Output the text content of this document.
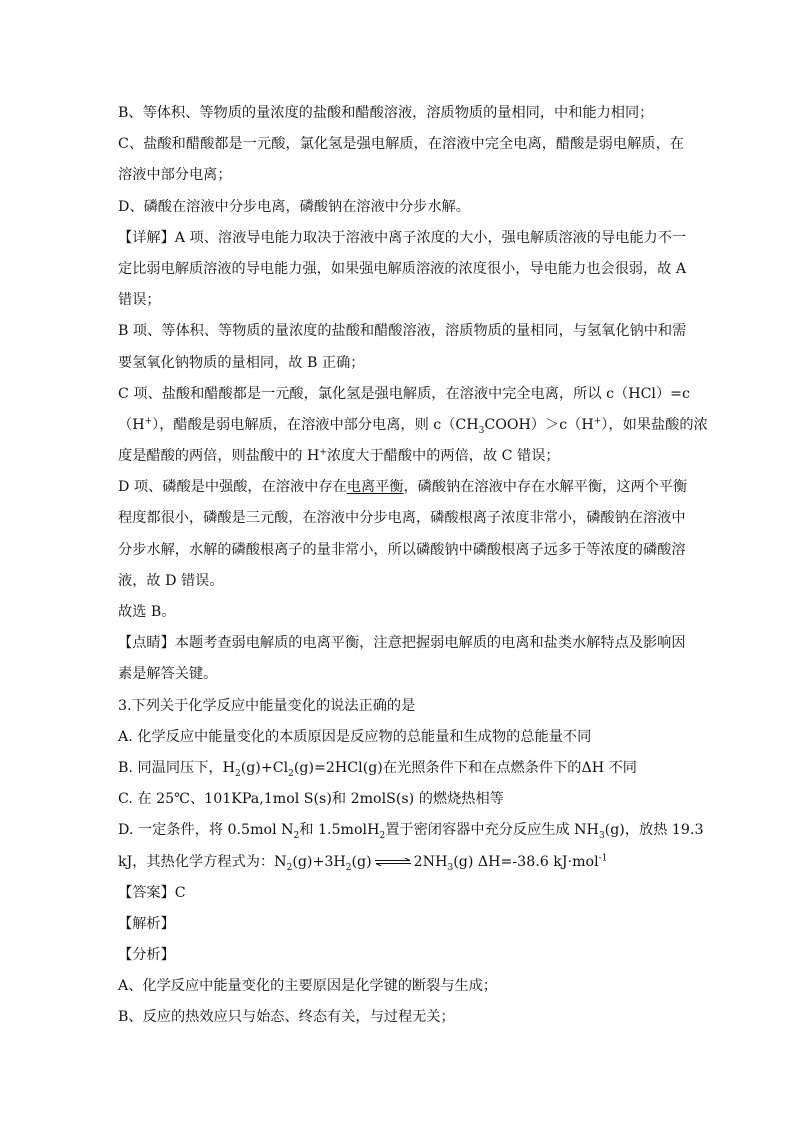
B、等体积、等物质的量浓度的盐酸和醋酸溶液，溶质物质的量相同，中和能力相同；
C、盐酸和醋酸都是一元酸，氯化氢是强电解质，在溶液中完全电离，醋酸是弱电解质，在
溶液中部分电离；
D、磷酸在溶液中分步电离，磷酸钠在溶液中分步水解。
【详解】A 项、溶液导电能力取决于溶液中离子浓度的大小，强电解质溶液的导电能力不一
定比弱电解质溶液的导电能力强，如果强电解质溶液的浓度很小，导电能力也会很弱，故 A
错误；
B 项、等体积、等物质的量浓度的盐酸和醋酸溶液，溶质物质的量相同，与氢氧化钠中和需
要氢氧化钠物质的量相同，故 B 正确；
C 项、盐酸和醋酸都是一元酸，氯化氢是强电解质，在溶液中完全电离，所以 c（HCl）=c
（H+），醋酸是弱电解质，在溶液中部分电离，则 $c(CH_3COOH)>c(H^+)$，如果盐酸的浓
度是醋酸的两倍，则盐酸中的 H+浓度大于醋酸中的两倍，故 C 错误；
D 项、磷酸是中强酸，在溶液中存在电离平衡，磷酸钠在溶液中存在水解平衡，这两个平衡
程度都很小，磷酸是三元酸，在溶液中分步电离，磷酸根离子浓度非常小，磷酸钠在溶液中
分步水解，水解的磷酸根离子的量非常小，所以磷酸钠中磷酸根离子远多于等浓度的磷酸溶
液，故 D 错误。
故选 B。
【点睛】本题考查弱电解质的电离平衡，注意把握弱电解质的电离和盐类水解特点及影响因
素是解答关键。
3.下列关于化学反应中能量变化的说法正确的是
A. 化学反应中能量变化的本质原因是反应物的总能量和生成物的总能量不同
B. 同温同压下，$H_2(g)+Cl_2(g)=2HCl(g)$在光照条件下和在点燃条件下的ΔH 不同
C. 在 25℃、101KPa,1mol S(s)和 2molS(s) 的燃烧热相等
D. 一定条件，将 0.5mol $N_2$和 1.5molH$_2$置于密闭容器中充分反应生成 $NH_3(g)$，放热 19.3
kJ，其热化学方程式为：$N_2(g)+3H_2(g)$ ⇌ $2NH_3(g)$ ΔH=-38.6 kJ·mol$^{-1}$
【答案】C
【解析】
【分析】
A、化学反应中能量变化的主要原因是化学键的断裂与生成；
B、反应的热效应只与始态、终态有关，与过程无关；
